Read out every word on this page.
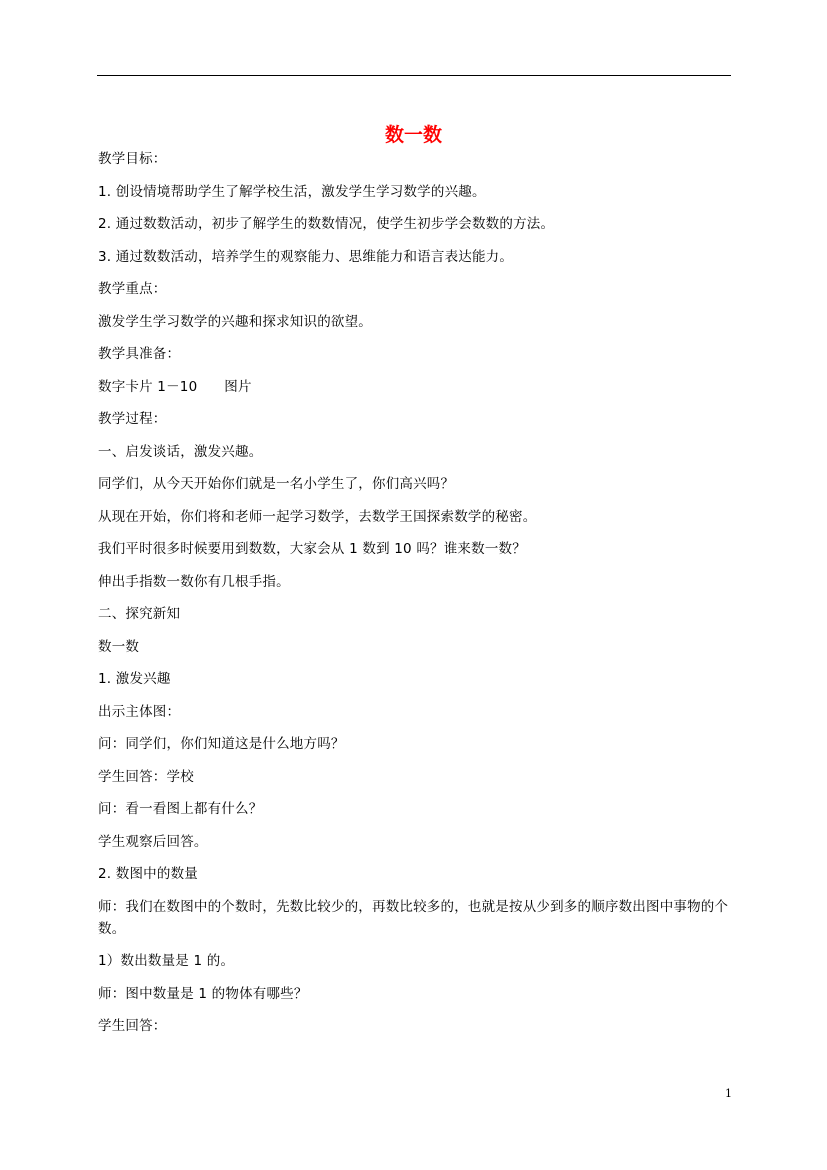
数一数

教学目标：

1. 创设情境帮助学生了解学校生活，激发学生学习数学的兴趣。

2. 通过数数活动，初步了解学生的数数情况，使学生初步学会数数的方法。

3. 通过数数活动，培养学生的观察能力、思维能力和语言表达能力。

教学重点：

激发学生学习数学的兴趣和探求知识的欲望。

教学具准备：

数字卡片 1－10      图片

教学过程：

一、启发谈话，激发兴趣。

同学们，从今天开始你们就是一名小学生了，你们高兴吗？

从现在开始，你们将和老师一起学习数学，去数学王国探索数学的秘密。

我们平时很多时候要用到数数，大家会从 1 数到 10 吗？谁来数一数？

伸出手指数一数你有几根手指。

二、探究新知

数一数

1. 激发兴趣

出示主体图：

问：同学们，你们知道这是什么地方吗？

学生回答：学校

问：看一看图上都有什么？

学生观察后回答。

2. 数图中的数量

师：我们在数图中的个数时，先数比较少的，再数比较多的，也就是按从少到多的顺序数出图中事物的个数。

1）数出数量是 1 的。

师：图中数量是 1 的物体有哪些？

学生回答：

1
